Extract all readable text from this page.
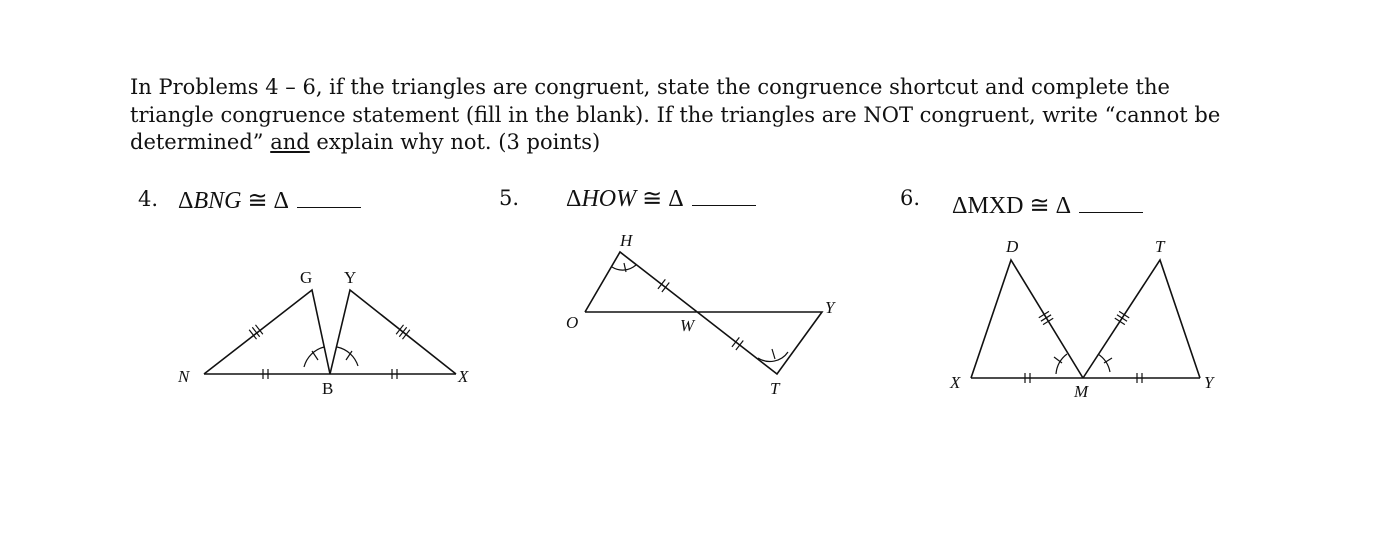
In Problems 4 – 6, if the triangles are congruent, state the congruence shortcut and complete the triangle congruence statement (fill in the blank). If the triangles are NOT congruent, write “cannot be determined” and explain why not. (3 points)
4. ΔBNG ≅ Δ	5. ΔHOW ≅ Δ	6. ΔMXD ≅ Δ
G Y
N
B
X
H
O	W
Y
T
D	T
X	M	Y
